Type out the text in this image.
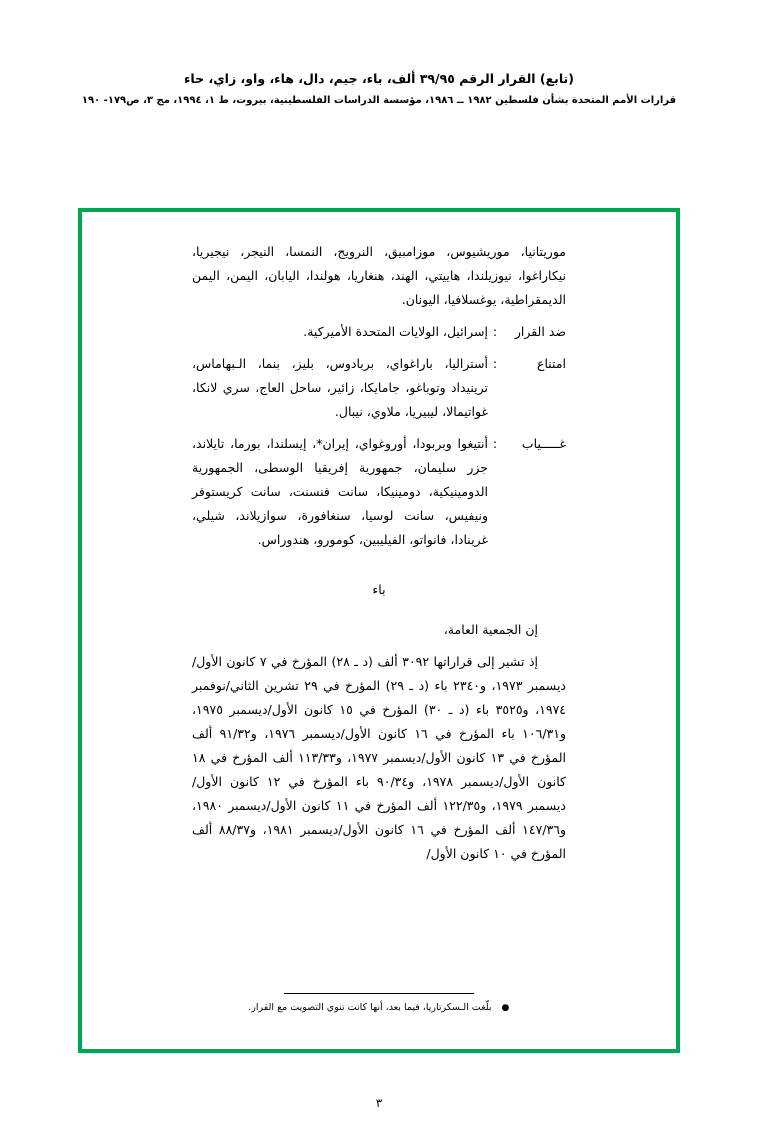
(تابع) القرار الرقم ٣٩/٩٥ ألف، باء، جيم، دال، هاء، واو، زاي، حاء
قرارات الأمم المتحدة بشأن فلسطين ١٩٨٢ ــ ١٩٨٦، مؤسسة الدراسات الفلسطينية، بيروت، ط ١، ١٩٩٤، مج ٣، ص١٧٩- ١٩٠
موريتانيا، موريشيوس، موزامبيق، النرويج، النمسا، النيجر، نيجيريا، نيكاراغوا، نيوزيلندا، هاييتي، الهند، هنغاريا، هولندا، اليابان، اليمن، اليمن الديمقراطية، يوغسلافيا، اليونان.
ضد القرار
:
إسرائيل، الولايات المتحدة الأميركية.
امتناع
:
أستراليا، باراغواي، بربادوس، بليز، بنما، الـبهاماس، ترينيداد وتوباغو، جامايكا، زائير، ساحل العاج، سري لانكا، غواتيمالا، ليبيريا، ملاوي، نيبال.
غـــــياب
:
أنتيغوا وبربودا، أوروغواي، إيران*، إيسلندا، بورما، تايلاند، جزر سليمان، جمهورية إفريقيا الوسطى، الجمهورية الدومينيكية، دومينيكا، سانت فنسنت، سانت كريستوفر ونيفيس، سانت لوسيا، سنغافورة، سوازيلاند، شيلي، غرينادا، فانواتو، الفيليبين، كومورو، هندوراس.
باء
إن الجمعية العامة،
إذ تشير إلى قراراتها ٣٠٩٢ ألف (د ـ ٢٨) المؤرخ في ٧ كانون الأول/ديسمبر ١٩٧٣، و٢٣٤٠ باء (د ـ ٢٩) المؤرخ في ٢٩ تشرين الثاني/نوفمبر ١٩٧٤، و٣٥٢٥ باء (د ـ ٣٠) المؤرخ في ١٥ كانون الأول/ديسمبر ١٩٧٥، و١٠٦/٣١ باء المؤرخ في ١٦ كانون الأول/ديسمبر ١٩٧٦، و٩١/٣٢ ألف المؤرخ في ١٣ كانون الأول/ديسمبر ١٩٧٧، و١١٣/٣٣ ألف المؤرخ في ١٨ كانون الأول/ديسمبر ١٩٧٨، و٩٠/٣٤ باء المؤرخ في ١٢ كانون الأول/ديسمبر ١٩٧٩، و١٢٢/٣٥ ألف المؤرخ في ١١ كانون الأول/ديسمبر ١٩٨٠، و١٤٧/٣٦ ألف المؤرخ في ١٦ كانون الأول/ديسمبر ١٩٨١، و٨٨/٣٧ ألف المؤرخ في ١٠ كانون الأول/
●
بلّغت الـسكرتاريا، فيما بعد، أنها كانت تنوي التصويت مع القرار.
٣
